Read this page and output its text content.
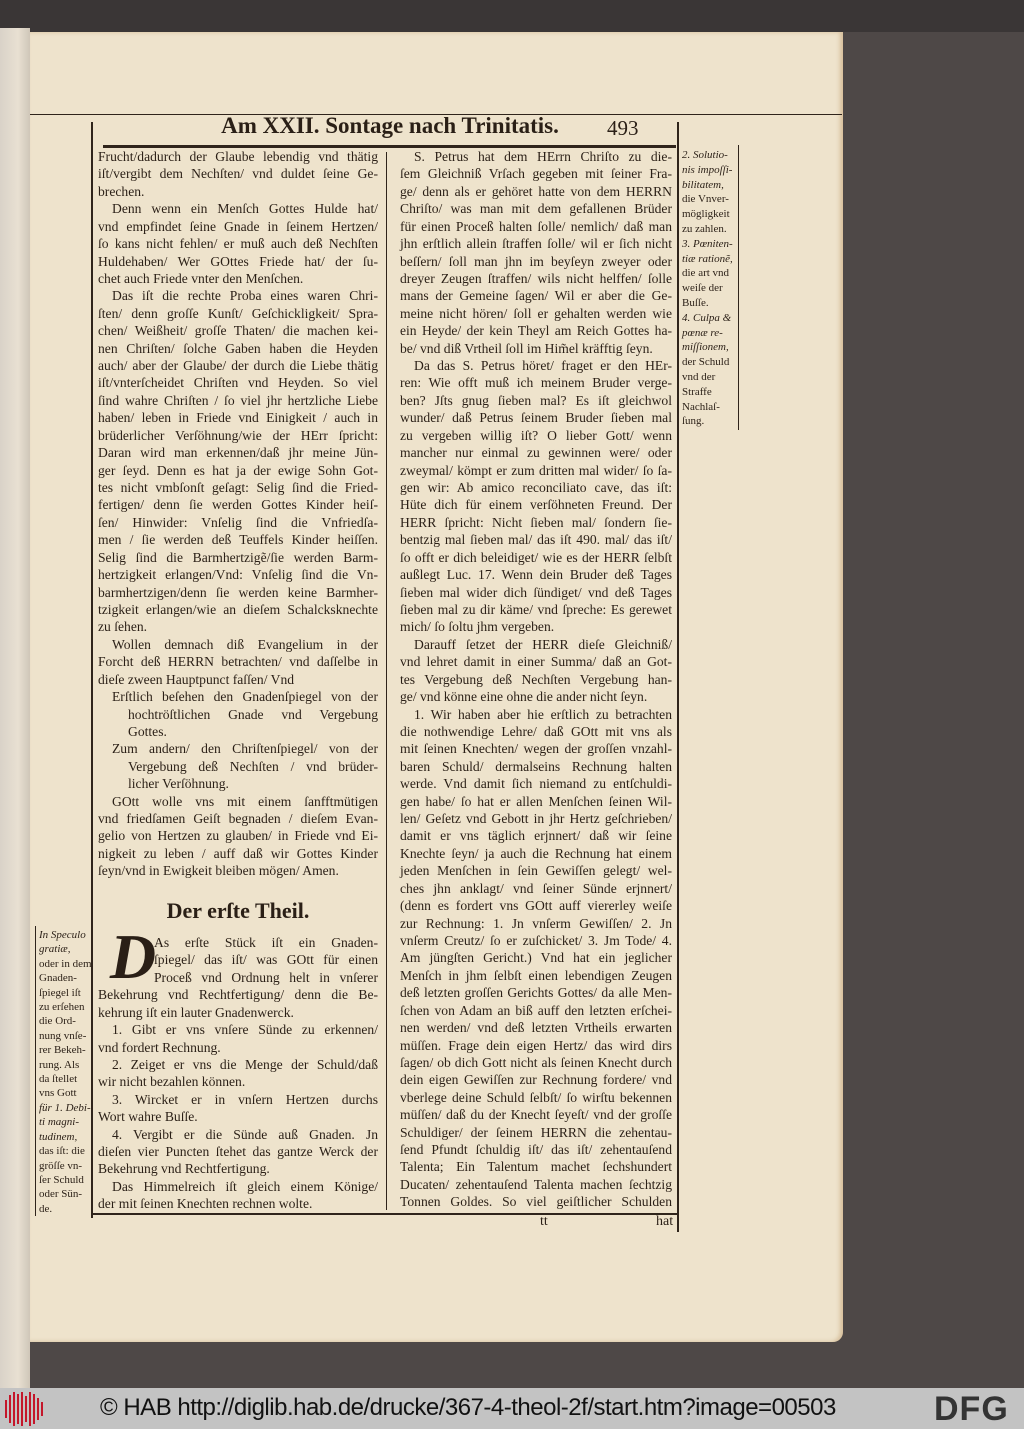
Am XXII. Sontage nach Trinitatis.	493
Frucht/dadurch der Glaube lebendig vnd thätig
iſt/vergibt dem Nechſten/ vnd duldet ſeine Ge-
brechen.
Denn wenn ein Menſch Gottes Hulde hat/
vnd empfindet ſeine Gnade in ſeinem Hertzen/
ſo kans nicht fehlen/ er muß auch deß Nechſten
Huldehaben/ Wer GOttes Friede hat/ der ſu-
chet auch Friede vnter den Menſchen.
Das iſt die rechte Proba eines waren Chri-
ſten/ denn groſſe Kunſt/ Geſchickligkeit/ Spra-
chen/ Weißheit/ groſſe Thaten/ die machen kei-
nen Chriſten/ ſolche Gaben haben die Heyden
auch/ aber der Glaube/ der durch die Liebe thätig
iſt/vnterſcheidet Chriſten vnd Heyden. So viel
ſind wahre Chriſten / ſo viel jhr hertzliche Liebe
haben/ leben in Friede vnd Einigkeit / auch in
brüderlicher Verſöhnung/wie der HErr ſpricht:
Daran wird man erkennen/daß jhr meine Jün-
ger ſeyd. Denn es hat ja der ewige Sohn Got-
tes nicht vmbſonſt geſagt: Selig ſind die Fried-
fertigen/ denn ſie werden Gottes Kinder heiſ-
ſen/ Hinwider: Vnſelig ſind die Vnfriedſa-
men / ſie werden deß Teuffels Kinder heiſſen.
Selig ſind die Barmhertzigẽ/ſie werden Barm-
hertzigkeit erlangen/Vnd: Vnſelig ſind die Vn-
barmhertzigen/denn ſie werden keine Barmher-
tzigkeit erlangen/wie an dieſem Schalcksknechte
zu ſehen.
Wollen demnach diß Evangelium in der
Forcht deß HERRN betrachten/ vnd daſſelbe in
dieſe zween Hauptpunct faſſen/ Vnd
Erſtlich beſehen den Gnadenſpiegel von der
hochtröſtlichen Gnade vnd Vergebung
Gottes.
Zum andern/ den Chriſtenſpiegel/ von der
Vergebung deß Nechſten / vnd brüder-
licher Verſöhnung.
GOtt wolle vns mit einem ſanfftmütigen
vnd friedſamen Geiſt begnaden / dieſem Evan-
gelio von Hertzen zu glauben/ in Friede vnd Ei-
nigkeit zu leben / auff daß wir Gottes Kinder
ſeyn/vnd in Ewigkeit bleiben mögen/ Amen.
Der erſte Theil.
D
As erſte Stück iſt ein Gnaden-
ſpiegel/ das iſt/ was GOtt für einen
Proceß vnd Ordnung helt in vnſerer
Bekehrung vnd Rechtfertigung/ denn die Be-
kehrung iſt ein lauter Gnadenwerck.
1. Gibt er vns vnſere Sünde zu erkennen/
vnd fordert Rechnung.
2. Zeiget er vns die Menge der Schuld/daß
wir nicht bezahlen können.
3. Wircket er in vnſern Hertzen durchs
Wort wahre Buſſe.
4. Vergibt er die Sünde auß Gnaden. Jn
dieſen vier Puncten ſtehet das gantze Werck der
Bekehrung vnd Rechtfertigung.
Das Himmelreich iſt gleich einem Könige/
der mit ſeinen Knechten rechnen wolte.
S. Petrus hat dem HErrn Chriſto zu die-
ſem Gleichniß Vrſach gegeben mit ſeiner Fra-
ge/ denn als er gehöret hatte von dem HERRN
Chriſto/ was man mit dem gefallenen Brüder
für einen Proceß halten ſolle/ nemlich/ daß man
jhn erſtlich allein ſtraffen ſolle/ wil er ſich nicht
beſſern/ ſoll man jhn im beyſeyn zweyer oder
dreyer Zeugen ſtraffen/ wils nicht helffen/ ſolle
mans der Gemeine ſagen/ Wil er aber die Ge-
meine nicht hören/ ſoll er gehalten werden wie
ein Heyde/ der kein Theyl am Reich Gottes ha-
be/ vnd diß Vrtheil ſoll im Him̃el kräfftig ſeyn.
Da das S. Petrus höret/ fraget er den HEr-
ren: Wie offt muß ich meinem Bruder verge-
ben? Jſts gnug ſieben mal? Es iſt gleichwol
wunder/ daß Petrus ſeinem Bruder ſieben mal
zu vergeben willig iſt? O lieber Gott/ wenn
mancher nur einmal zu gewinnen were/ oder
zweymal/ kömpt er zum dritten mal wider/ ſo ſa-
gen wir: Ab amico reconciliato cave, das iſt:
Hüte dich für einem verſöhneten Freund. Der
HERR ſpricht: Nicht ſieben mal/ ſondern ſie-
bentzig mal ſieben mal/ das iſt 490. mal/ das iſt/
ſo offt er dich beleidiget/ wie es der HERR ſelbſt
außlegt Luc. 17. Wenn dein Bruder deß Tages
ſieben mal wider dich ſündiget/ vnd deß Tages
ſieben mal zu dir käme/ vnd ſpreche: Es gerewet
mich/ ſo ſoltu jhm vergeben.
Darauff ſetzet der HERR dieſe Gleichniß/
vnd lehret damit in einer Summa/ daß an Got-
tes Vergebung deß Nechſten Vergebung han-
ge/ vnd könne eine ohne die ander nicht ſeyn.
1. Wir haben aber hie erſtlich zu betrachten
die nothwendige Lehre/ daß GOtt mit vns als
mit ſeinen Knechten/ wegen der groſſen vnzahl-
baren Schuld/ dermalseins Rechnung halten
werde. Vnd damit ſich niemand zu entſchuldi-
gen habe/ ſo hat er allen Menſchen ſeinen Wil-
len/ Geſetz vnd Gebott in jhr Hertz geſchrieben/
damit er vns täglich erjnnert/ daß wir ſeine
Knechte ſeyn/ ja auch die Rechnung hat einem
jeden Menſchen in ſein Gewiſſen gelegt/ wel-
ches jhn anklagt/ vnd ſeiner Sünde erjnnert/
(denn es fordert vns GOtt auff viererley weiſe
zur Rechnung: 1. Jn vnſerm Gewiſſen/ 2. Jn
vnſerm Creutz/ ſo er zuſchicket/ 3. Jm Tode/ 4.
Am jüngſten Gericht.) Vnd hat ein jeglicher
Menſch in jhm ſelbſt einen lebendigen Zeugen
deß letzten groſſen Gerichts Gottes/ da alle Men-
ſchen von Adam an biß auff den letzten erſchei-
nen werden/ vnd deß letzten Vrtheils erwarten
müſſen. Frage dein eigen Hertz/ das wird dirs
ſagen/ ob dich Gott nicht als ſeinen Knecht durch
dein eigen Gewiſſen zur Rechnung fordere/ vnd
vberlege deine Schuld ſelbſt/ ſo wirſtu bekennen
müſſen/ daß du der Knecht ſeyeſt/ vnd der groſſe
Schuldiger/ der ſeinem HERRN die zehentau-
ſend Pfundt ſchuldig iſt/ das iſt/ zehentauſend
Talenta; Ein Talentum machet ſechshundert
Ducaten/ zehentauſend Talenta machen ſechtzig
Tonnen Goldes. So viel geiſtlicher Schulden
2. Solutio-
nis impoſſi-
bilitatem,
die Vnver-
mögligkeit
zu zahlen.
3. Pœniten-
tiæ rationẽ,
die art vnd
weiſe der
Buſſe.
4. Culpa &
pœnæ re-
miſſionem,
der Schuld
vnd der
Straffe
Nachlaſ-
ſung.
In Speculo
gratiæ,
oder in dem
Gnaden-
ſpiegel iſt
zu erſehen
die Ord-
nung vnſe-
rer Bekeh-
rung. Als
da ſtellet
vns Gott
für 1. Debi-
ti magni-
tudinem,
das iſt: die
gröſſe vn-
ſer Schuld
oder Sün-
de.
tt	hat
© HAB http://diglib.hab.de/drucke/367-4-theol-2f/start.htm?image=00503	DFG
